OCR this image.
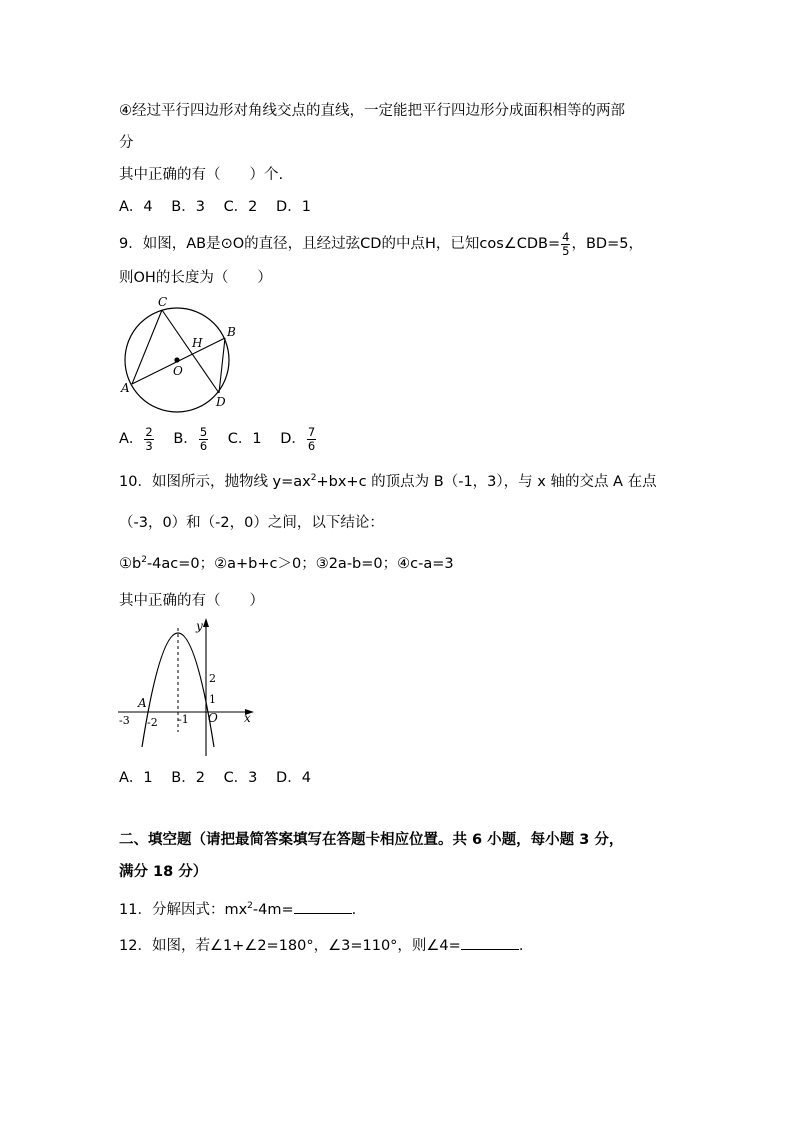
④经过平行四边形对角线交点的直线，一定能把平行四边形分成面积相等的两部
分
其中正确的有（　　）个.
A．4 B．3 C．2 D．1
9．如图，AB是⊙O的直径，且经过弦CD的中点H，已知cos∠CDB= $\frac{4}{5}$ ，BD=5，
则OH的长度为（　　）
C
B
H
O
A
D
A． $\frac{2}{3}$ B． $\frac{5}{6}$ C．1 D． $\frac{7}{6}$
10．如图所示，抛物线 $y=ax^2+bx+c$ 的顶点为 B（-1，3），与 x 轴的交点 A 在点
（-3，0）和（-2，0）之间，以下结论：
$①b^2-4ac=0$；②a+b+c＞0；③2a-b=0；④c-a=3
其中正确的有（　　）
y
x
O
A
2
1
-1
-2
-3
A．1 B．2 C．3 D．4
二、填空题（请把最简答案填写在答题卡相应位置。共 6 小题，每小题 3 分，
满分 18 分）
11．分解因式：$mx^2-4m=$	.
12．如图，若∠1+∠2=180°，∠3=110°，则∠4=	.
